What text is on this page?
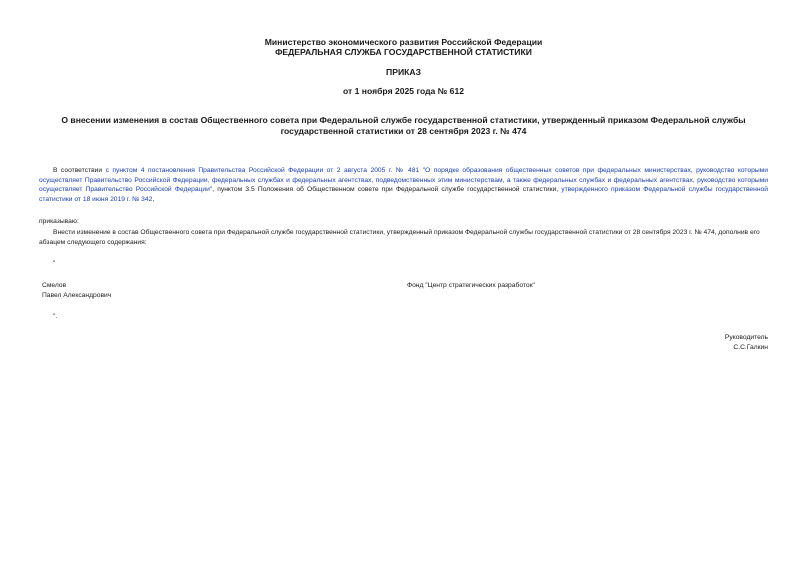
Министерство экономического развития Российской Федерации
ФЕДЕРАЛЬНАЯ СЛУЖБА ГОСУДАРСТВЕННОЙ СТАТИСТИКИ
ПРИКАЗ
от 1 ноября 2025 года № 612
О внесении изменения в состав Общественного совета при Федеральной службе государственной статистики, утвержденный приказом Федеральной службы государственной статистики от 28 сентября 2023 г. № 474
В соответствии с пунктом 4 постановления Правительства Российской Федерации от 2 августа 2005 г. № 481 "О порядке образования общественных советов при федеральных министерствах, руководство которыми осуществляет Правительство Российской Федерации, федеральных службах и федеральных агентствах, подведомственных этим министерствам, а также федеральных службах и федеральных агентствах, руководство которыми осуществляет Правительство Российской Федерации", пунктом 3.5 Положения об Общественном совете при Федеральной службе государственной статистики, утвержденного приказом Федеральной службы государственной статистики от 18 июня 2019 г. № 342,
приказываю:
Внести изменение в состав Общественного совета при Федеральной службе государственной статистики, утвержденный приказом Федеральной службы государственной статистики от 28 сентября 2023 г. № 474, дополнив его абзацем следующего содержания:
"
Смелов
Павел Александрович
Фонд "Центр стратегических разработок"
".
Руководитель
С.С.Галкин
